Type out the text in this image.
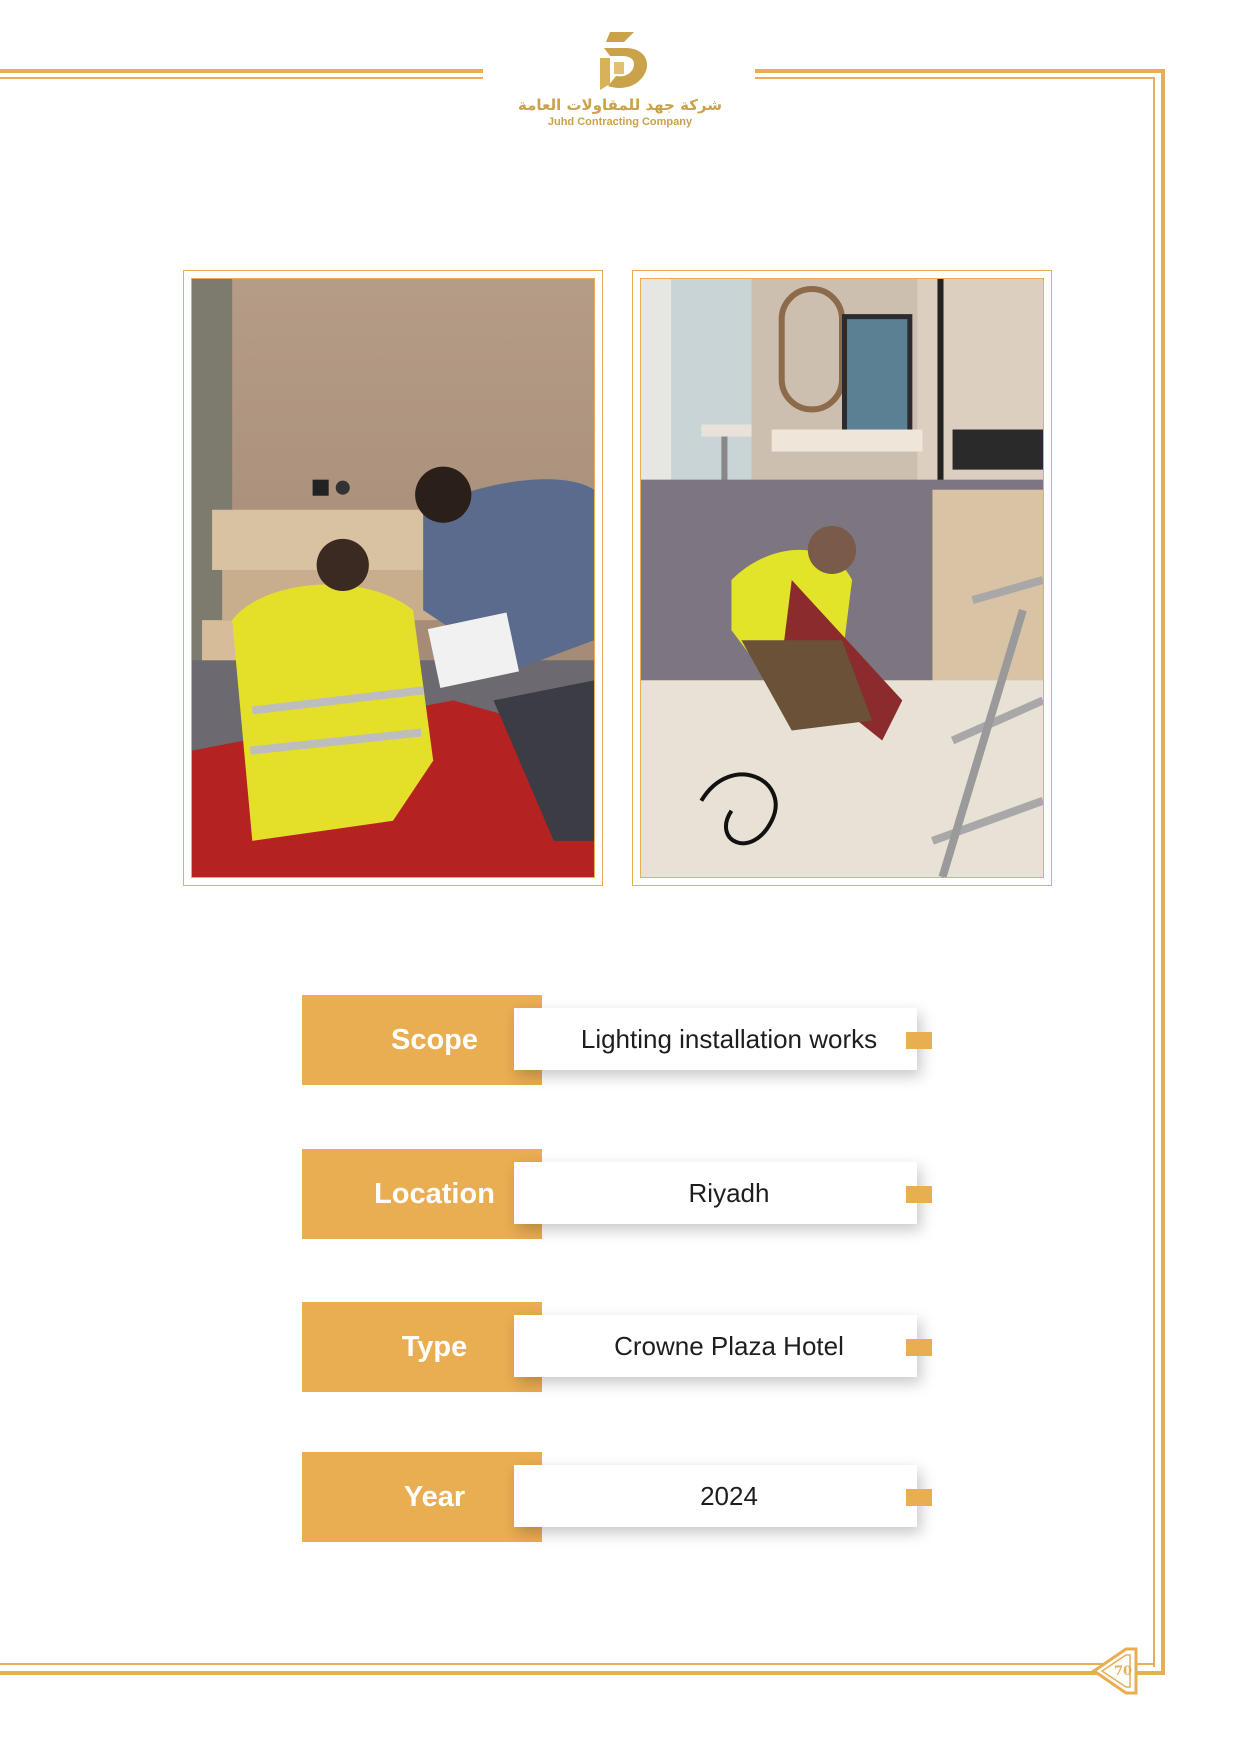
شركة جهد للمقاولات العامة
Juhd Contracting Company
Scope	Lighting installation works
Location	Riyadh
Type	Crowne Plaza Hotel
Year	2024
70
